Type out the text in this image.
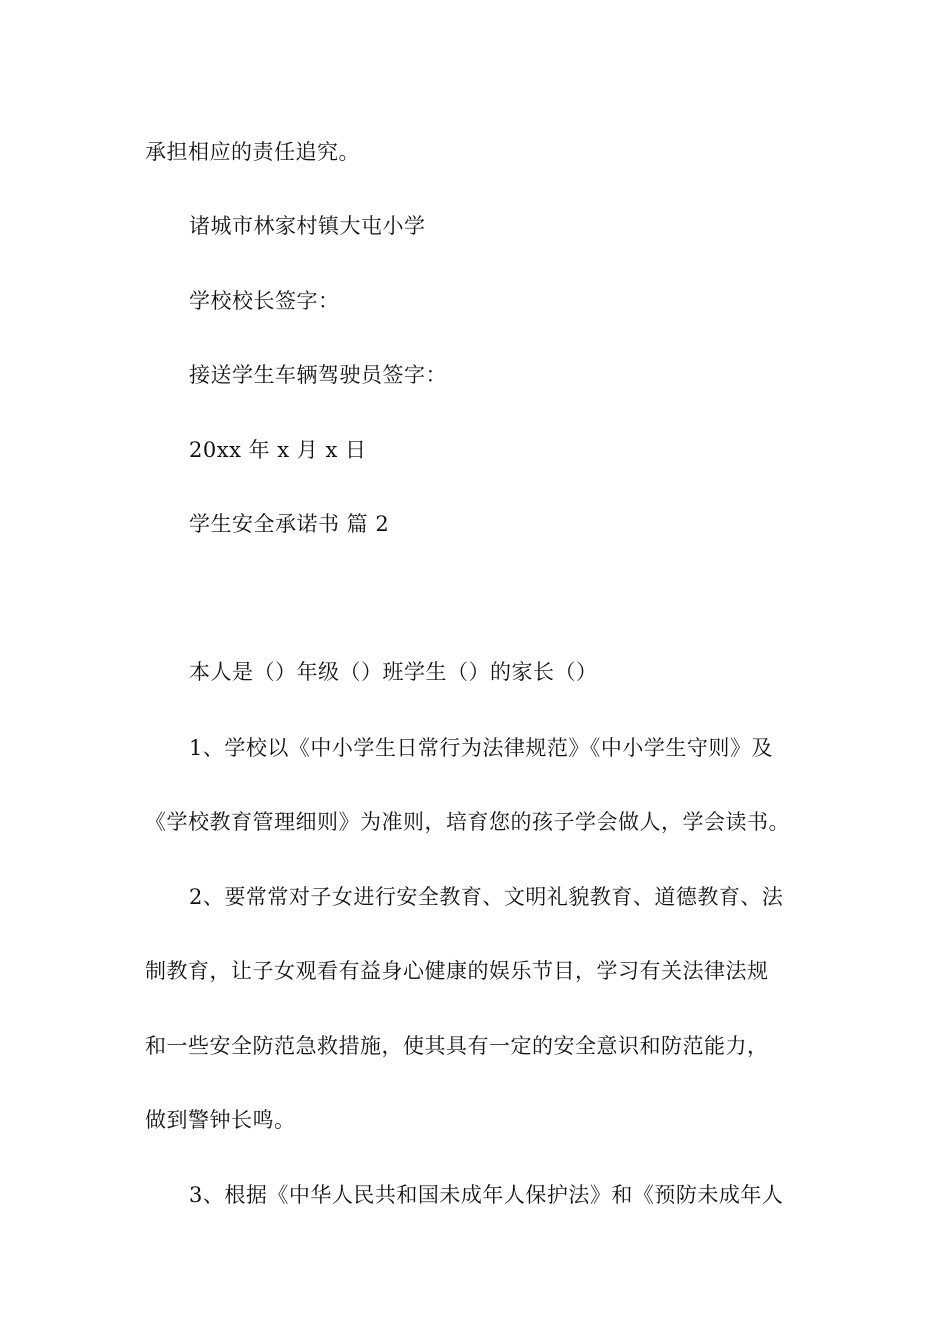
承担相应的责任追究。
诸城市林家村镇大屯小学
学校校长签字：
接送学生车辆驾驶员签字：
20xx 年 x 月 x 日
学生安全承诺书 篇 2
本人是（）年级（）班学生（）的家长（）
1、学校以《中小学生日常行为法律规范》《中小学生守则》及
《学校教育管理细则》为准则，培育您的孩子学会做人，学会读书。
2、要常常对子女进行安全教育、文明礼貌教育、道德教育、法
制教育，让子女观看有益身心健康的娱乐节目，学习有关法律法规
和一些安全防范急救措施，使其具有一定的安全意识和防范能力，
做到警钟长鸣。
3、根据《中华人民共和国未成年人保护法》和《预防未成年人
